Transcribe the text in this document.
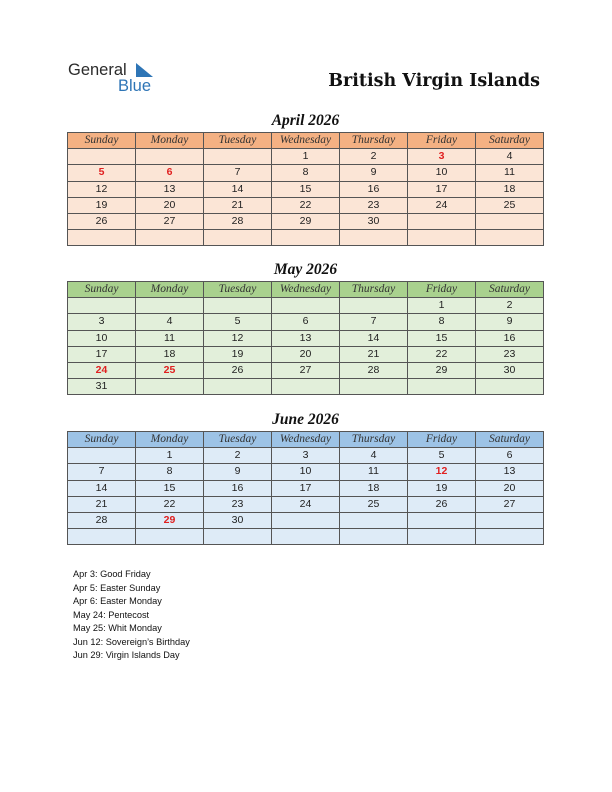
General
Blue	British Virgin Islands
April 2026
Sunday	Monday	Tuesday	Wednesday	Thursday	Friday	Saturday
			1	2	3	4
5	6	7	8	9	10	11
12	13	14	15	16	17	18
19	20	21	22	23	24	25
26	27	28	29	30		

May 2026
Sunday	Monday	Tuesday	Wednesday	Thursday	Friday	Saturday
					1	2
3	4	5	6	7	8	9
10	11	12	13	14	15	16
17	18	19	20	21	22	23
24	25	26	27	28	29	30
31						
June 2026
Sunday	Monday	Tuesday	Wednesday	Thursday	Friday	Saturday
	1	2	3	4	5	6
7	8	9	10	11	12	13
14	15	16	17	18	19	20
21	22	23	24	25	26	27
28	29	30				

Apr 3: Good Friday
Apr 5: Easter Sunday
Apr 6: Easter Monday
May 24: Pentecost
May 25: Whit Monday
Jun 12: Sovereign’s Birthday
Jun 29: Virgin Islands Day
